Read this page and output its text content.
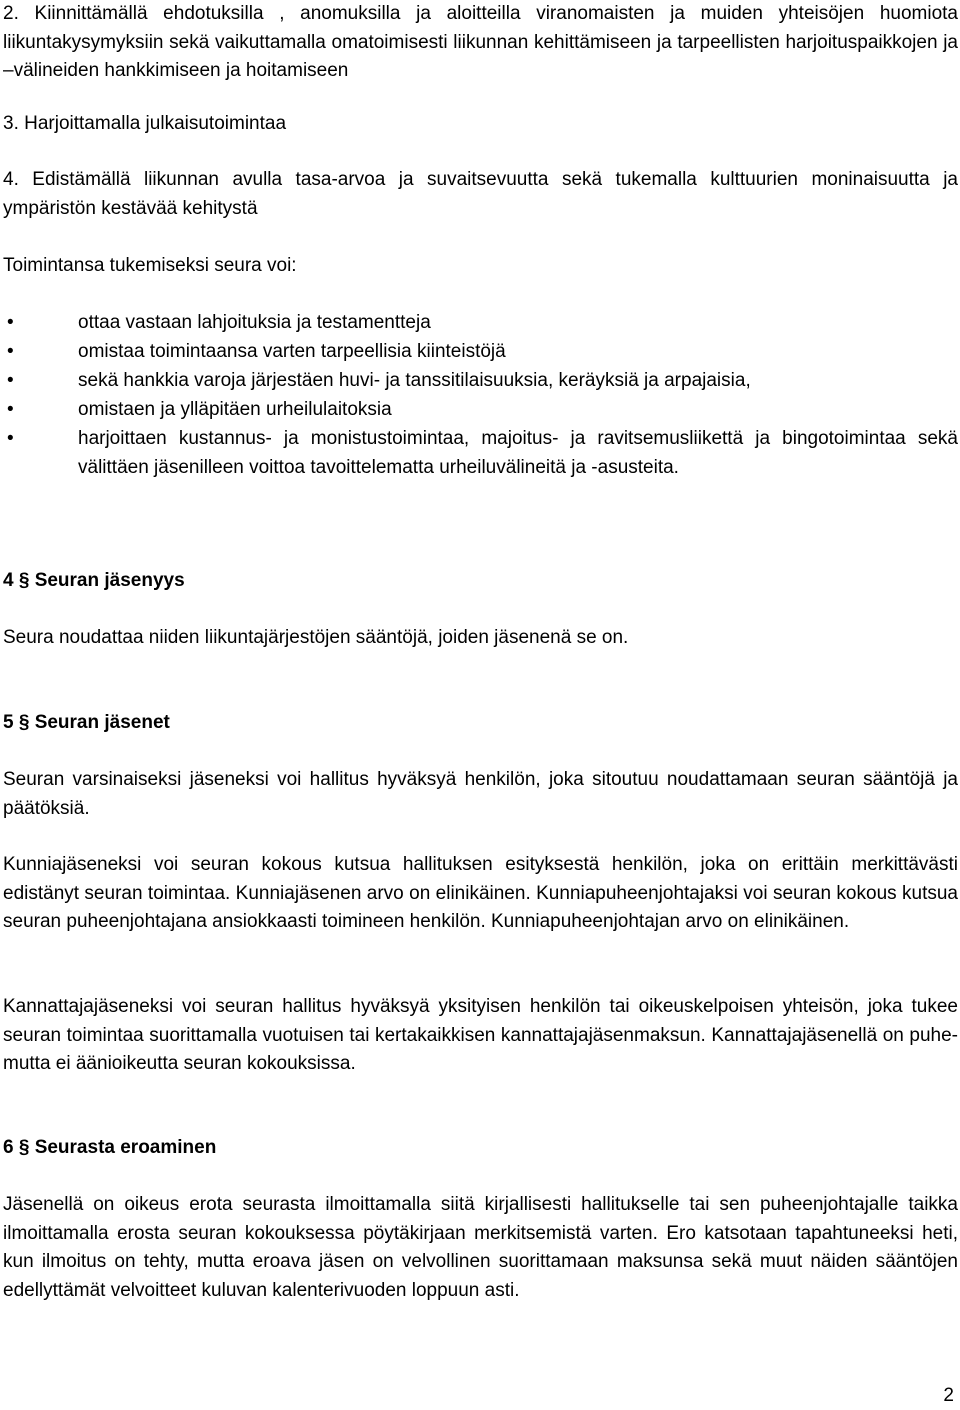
2. Kiinnittämällä ehdotuksilla , anomuksilla ja aloitteilla viranomaisten ja muiden yhteisöjen huomiota liikuntakysymyksiin sekä vaikuttamalla omatoimisesti liikunnan kehittämiseen ja tarpeellisten harjoituspaikkojen ja –välineiden hankkimiseen ja hoitamiseen

3. Harjoittamalla julkaisutoimintaa

4. Edistämällä liikunnan avulla tasa-arvoa ja suvaitsevuutta sekä tukemalla kulttuurien moninaisuutta ja ympäristön kestävää kehitystä

Toimintansa tukemiseksi seura voi:

•	ottaa vastaan lahjoituksia ja testamentteja
•	omistaa toimintaansa varten tarpeellisia kiinteistöjä
•	sekä hankkia varoja järjestäen huvi- ja tanssitilaisuuksia, keräyksiä ja arpajaisia,
•	omistaen ja ylläpitäen urheilulaitoksia
•	harjoittaen kustannus- ja monistustoimintaa, majoitus- ja ravitsemusliikettä ja bingotoimintaa sekä välittäen jäsenilleen voittoa tavoittelematta urheiluvälineitä ja -asusteita.
4 § Seuran jäsenyys

Seura noudattaa niiden liikuntajärjestöjen sääntöjä, joiden jäsenenä se on.

5 § Seuran jäsenet

Seuran varsinaiseksi jäseneksi voi hallitus hyväksyä henkilön, joka sitoutuu noudattamaan seuran sääntöjä ja päätöksiä.

Kunniajäseneksi voi seuran kokous kutsua hallituksen esityksestä henkilön, joka on erittäin merkittävästi edistänyt seuran toimintaa. Kunniajäsenen arvo on elinikäinen. Kunniapuheenjohtajaksi voi seuran kokous kutsua seuran puheenjohtajana ansiokkaasti toimineen henkilön. Kunniapuheenjohtajan arvo on elinikäinen.

Kannattajajäseneksi voi seuran hallitus hyväksyä yksityisen henkilön tai oikeuskelpoisen yhteisön, joka tukee seuran toimintaa suorittamalla vuotuisen tai kertakaikkisen kannattajajäsenmaksun. Kannattajajäsenellä on puhe- mutta ei äänioikeutta seuran kokouksissa.

6 § Seurasta eroaminen

Jäsenellä on oikeus erota seurasta ilmoittamalla siitä kirjallisesti hallitukselle tai sen puheenjohtajalle taikka ilmoittamalla erosta seuran kokouksessa pöytäkirjaan merkitsemistä varten. Ero katsotaan tapahtuneeksi heti, kun ilmoitus on tehty, mutta eroava jäsen on velvollinen suorittamaan maksunsa sekä muut näiden sääntöjen edellyttämät velvoitteet kuluvan kalenterivuoden loppuun asti.

2
